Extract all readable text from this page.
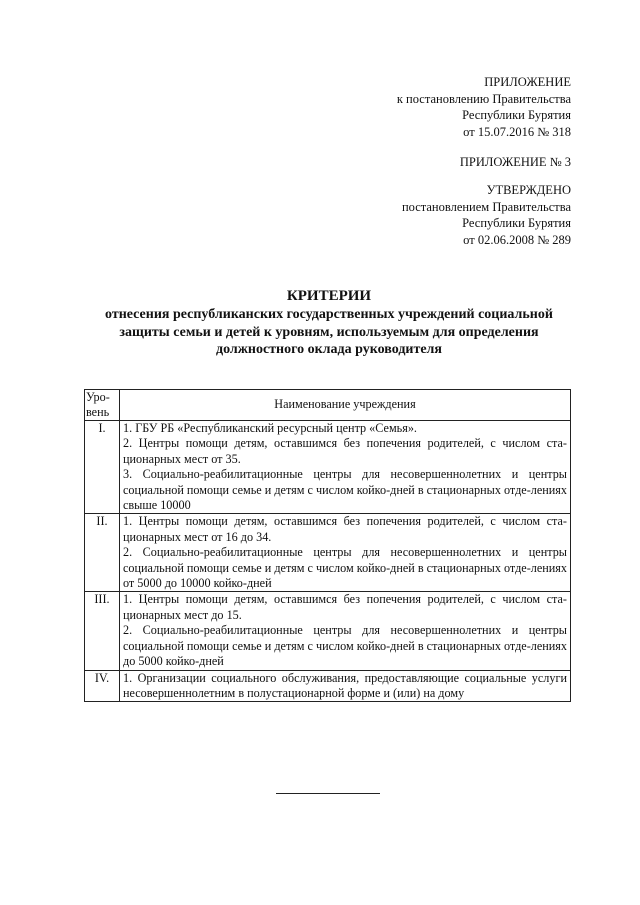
ПРИЛОЖЕНИЕ
к постановлению Правительства
Республики Бурятия
от 15.07.2016 № 318
ПРИЛОЖЕНИЕ № 3
УТВЕРЖДЕНО
постановлением Правительства
Республики Бурятия
от 02.06.2008 № 289
КРИТЕРИИ
отнесения республиканских государственных учреждений социальной
защиты семьи и детей к уровням, используемым для определения
должностного оклада руководителя
Уро-
вень	Наименование учреждения
I.	1. ГБУ РБ «Республиканский ресурсный центр «Семья».
2. Центры помощи детям, оставшимся без попечения родителей, с числом ста-ционарных мест от 35.
3. Социально-реабилитационные центры для несовершеннолетних и центры социальной помощи семье и детям с числом койко-дней в стационарных отде-лениях свыше 10000

II.	1. Центры помощи детям, оставшимся без попечения родителей, с числом ста-ционарных мест от 16 до 34.
2. Социально-реабилитационные центры для несовершеннолетних и центры социальной помощи семье и детям с числом койко-дней в стационарных отде-лениях от 5000 до 10000 койко-дней

III.	1. Центры помощи детям, оставшимся без попечения родителей, с числом ста-ционарных мест до 15.
2. Социально-реабилитационные центры для несовершеннолетних и центры социальной помощи семье и детям с числом койко-дней в стационарных отде-лениях до 5000 койко-дней

IV.	1. Организации социального обслуживания, предоставляющие социальные услуги несовершеннолетним в полустационарной форме и (или) на дому
